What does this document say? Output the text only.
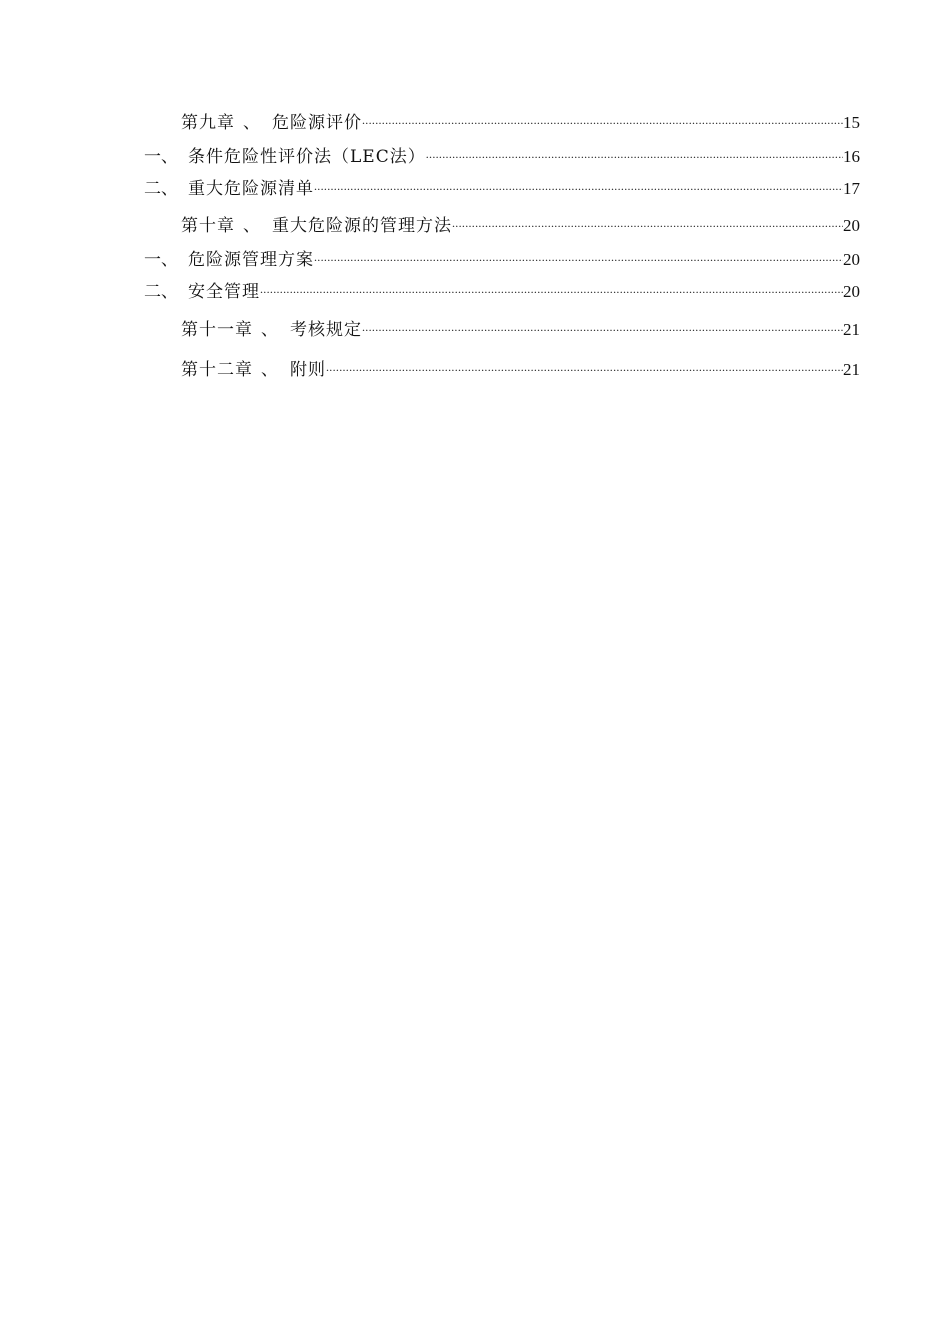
第九章 、 危险源评价 .....	15
一、 条件危险性评价法（LEC法） .....	16
二、 重大危险源清单 .....	17
第十章 、 重大危险源的管理方法 .....	20
一、 危险源管理方案 .....	20
二、 安全管理 .....	20
第十一章 、 考核规定 .....	21
第十二章 、 附则 .....	21
